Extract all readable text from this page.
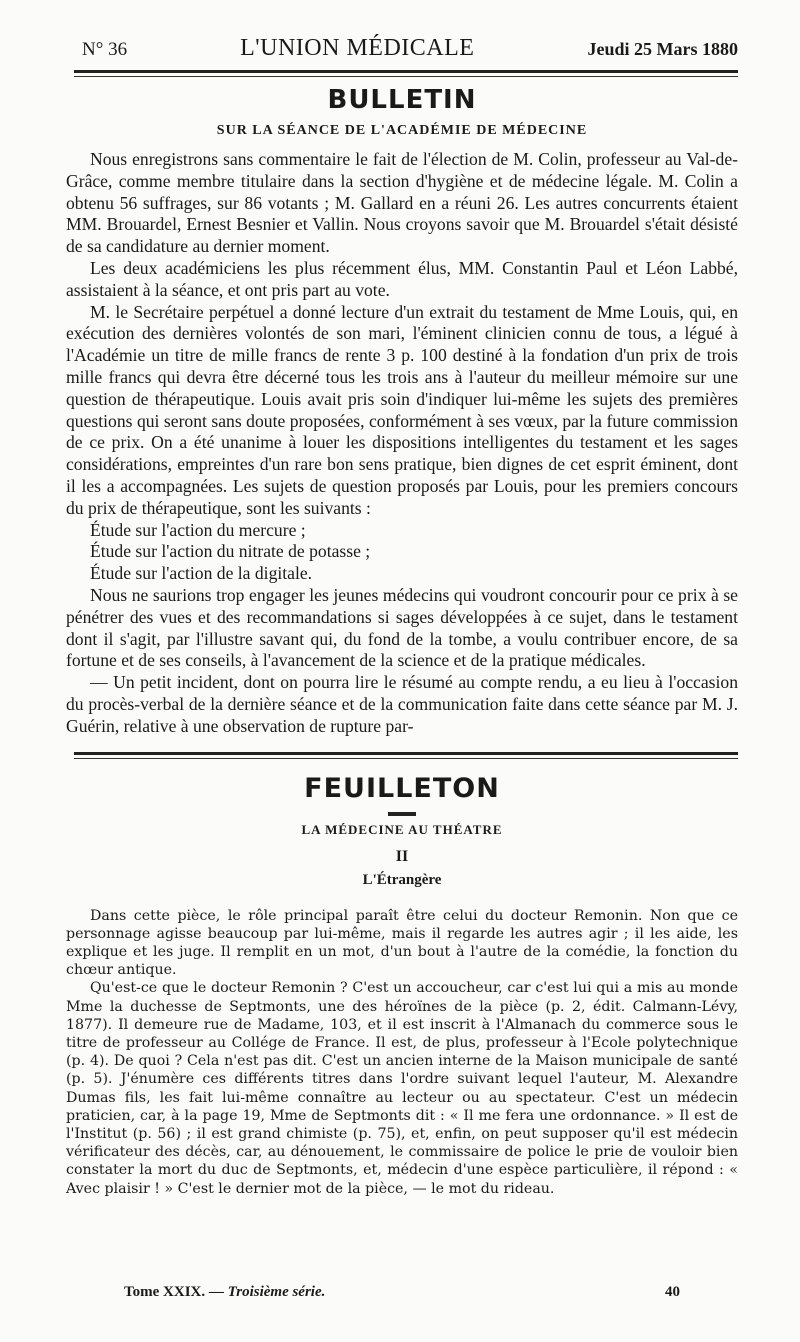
N° 36	L'UNION MÉDICALE	Jeudi 25 Mars 1880
BULLETIN
SUR LA SÉANCE DE L'ACADÉMIE DE MÉDECINE

Nous enregistrons sans commentaire le fait de l'élection de M. Colin, professeur au Val-de-Grâce, comme membre titulaire dans la section d'hygiène et de médecine légale. M. Colin a obtenu 56 suffrages, sur 86 votants ; M. Gallard en a réuni 26. Les autres concurrents étaient MM. Brouardel, Ernest Besnier et Vallin. Nous croyons savoir que M. Brouardel s'était désisté de sa candidature au dernier moment.

Les deux académiciens les plus récemment élus, MM. Constantin Paul et Léon Labbé, assistaient à la séance, et ont pris part au vote.

M. le Secrétaire perpétuel a donné lecture d'un extrait du testament de Mme Louis, qui, en exécution des dernières volontés de son mari, l'éminent clinicien connu de tous, a légué à l'Académie un titre de mille francs de rente 3 p. 100 destiné à la fondation d'un prix de trois mille francs qui devra être décerné tous les trois ans à l'auteur du meilleur mémoire sur une question de thérapeutique. Louis avait pris soin d'indiquer lui-même les sujets des premières questions qui seront sans doute proposées, conformément à ses vœux, par la future commission de ce prix. On a été unanime à louer les dispositions intelligentes du testament et les sages considérations, empreintes d'un rare bon sens pratique, bien dignes de cet esprit éminent, dont il les a accompagnées. Les sujets de question proposés par Louis, pour les premiers concours du prix de thérapeutique, sont les suivants :

Étude sur l'action du mercure ;

Étude sur l'action du nitrate de potasse ;

Étude sur l'action de la digitale.

Nous ne saurions trop engager les jeunes médecins qui voudront concourir pour ce prix à se pénétrer des vues et des recommandations si sages développées à ce sujet, dans le testament dont il s'agit, par l'illustre savant qui, du fond de la tombe, a voulu contribuer encore, de sa fortune et de ses conseils, à l'avancement de la science et de la pratique médicales.

— Un petit incident, dont on pourra lire le résumé au compte rendu, a eu lieu à l'occasion du procès-verbal de la dernière séance et de la communication faite dans cette séance par M. J. Guérin, relative à une observation de rupture par-

FEUILLETON
LA MÉDECINE AU THÉATRE
II
L'Étrangère

Dans cette pièce, le rôle principal paraît être celui du docteur Remonin. Non que ce personnage agisse beaucoup par lui-même, mais il regarde les autres agir ; il les aide, les explique et les juge. Il remplit en un mot, d'un bout à l'autre de la comédie, la fonction du chœur antique.

Qu'est-ce que le docteur Remonin ? C'est un accoucheur, car c'est lui qui a mis au monde Mme la duchesse de Septmonts, une des héroïnes de la pièce (p. 2, édit. Calmann-Lévy, 1877). Il demeure rue de Madame, 103, et il est inscrit à l'Almanach du commerce sous le titre de professeur au Collége de France. Il est, de plus, professeur à l'Ecole polytechnique (p. 4). De quoi ? Cela n'est pas dit. C'est un ancien interne de la Maison municipale de santé (p. 5). J'énumère ces différents titres dans l'ordre suivant lequel l'auteur, M. Alexandre Dumas fils, les fait lui-même connaître au lecteur ou au spectateur. C'est un médecin praticien, car, à la page 19, Mme de Septmonts dit : « Il me fera une ordonnance. » Il est de l'Institut (p. 56) ; il est grand chimiste (p. 75), et, enfin, on peut supposer qu'il est médecin vérificateur des décès, car, au dénouement, le commissaire de police le prie de vouloir bien constater la mort du duc de Septmonts, et, médecin d'une espèce particulière, il répond : « Avec plaisir ! » C'est le dernier mot de la pièce, — le mot du rideau.

Tome XXIX. — Troisième série.	40
